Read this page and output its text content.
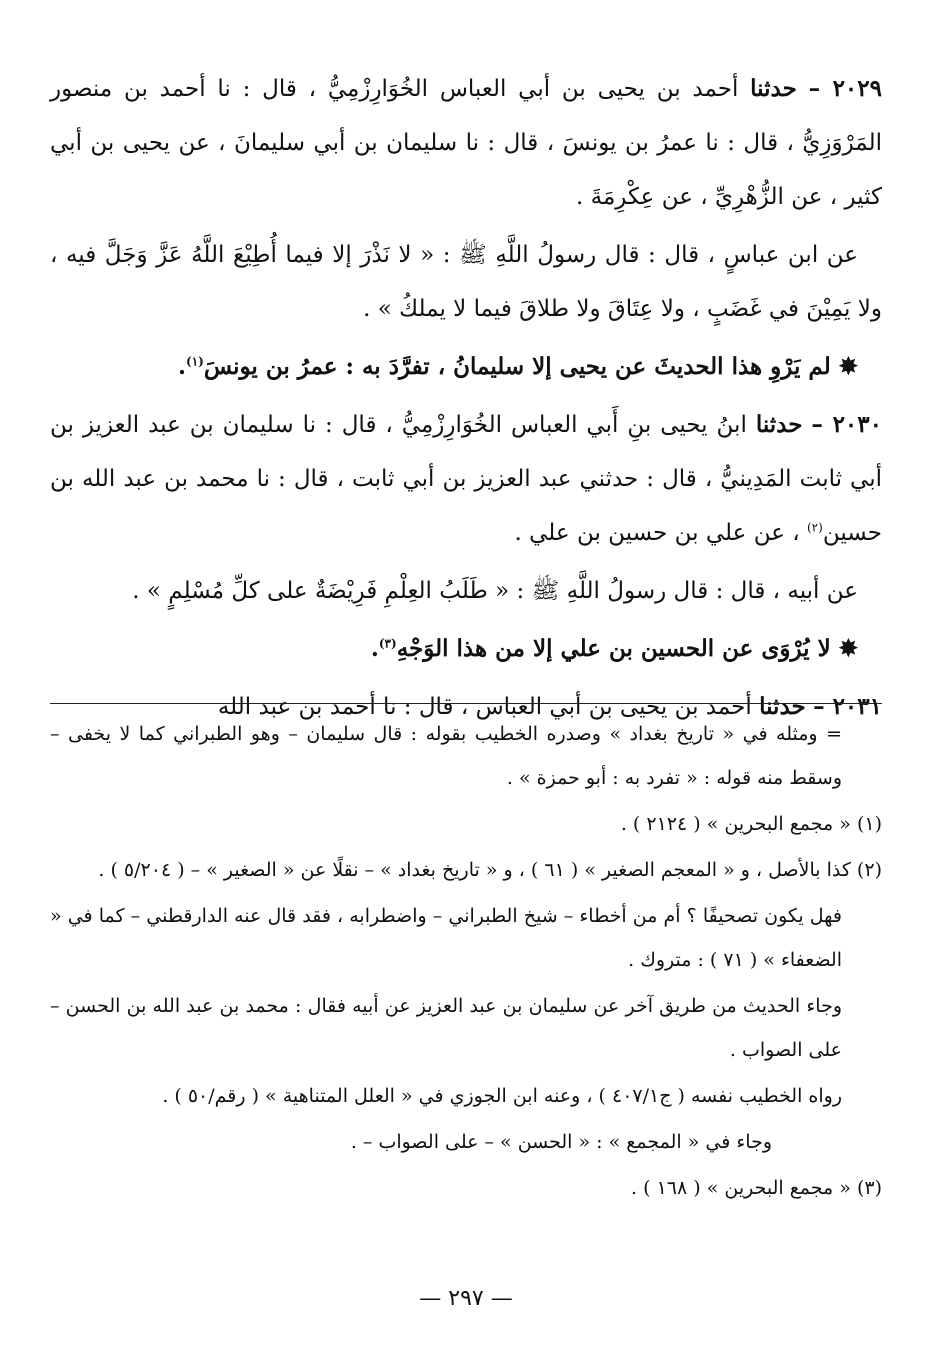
٢٠٢٩ – حدثنا أحمد بن يحيى بن أبي العباس الخُوَارِزْمِيُّ ، قال : نا أحمد بن منصور المَرْوَزِيُّ ، قال : نا عمرُ بن يونسَ ، قال : نا سليمان بن أبي سليمانَ ، عن يحيى بن أبي كثير ، عن الزُّهْرِيِّ ، عن عِكْرِمَةَ .

عن ابن عباسٍ ، قال : قال رسولُ اللَّهِ ﷺ : « لا نَذْرَ إلا فيما أُطِيْعَ اللَّهُ عَزَّ وَجَلَّ فيه ، ولا يَمِيْنَ في غَضَبٍ ، ولا عِتَاقَ ولا طلاقَ فيما لا يملكُ » .

✸ لم يَرْوِ هذا الحديثَ عن يحيى إلا سليمانُ ، تفرَّدَ به : عمرُ بن يونسَ$^{(١)}$.

٢٠٣٠ – حدثنا ابنُ يحيى بنِ أَبي العباس الخُوَارِزْمِيُّ ، قال : نا سليمان بن عبد العزيز بن أبي ثابت المَدِينيُّ ، قال : حدثني عبد العزيز بن أبي ثابت ، قال : نا محمد بن عبد الله بن حسين$^{(٢)}$ ، عن علي بن حسين بن علي .

عن أبيه ، قال : قال رسولُ اللَّهِ ﷺ : « طَلَبُ العِلْمِ فَرِيْضَةٌ على كلِّ مُسْلِمٍ » .

✸ لا يُرْوَى عن الحسين بن علي إلا من هذا الوَجْهِ$^{(٣)}$.

٢٠٣١ – حدثنا أحمد بن يحيى بن أبي العباس ، قال : نا أحمد بن عبد الله

= ومثله في « تاريخ بغداد » وصدره الخطيب بقوله : قال سليمان – وهو الطبراني كما لا يخفى – وسقط منه قوله : « تفرد به : أبو حمزة » .

(١) « مجمع البحرين » ( ٢١٢٤ ) .

(٢) كذا بالأصل ، و « المعجم الصغير » ( ٦١ ) ، و « تاريخ بغداد » – نقلًا عن « الصغير » – ( ٥/٢٠٤ ) .

فهل يكون تصحيفًا ؟ أم من أخطاء – شيخ الطبراني – واضطرابه ، فقد قال عنه الدارقطني – كما في « الضعفاء » ( ٧١ ) : متروك .

وجاء الحديث من طريق آخر عن سليمان بن عبد العزيز عن أبيه فقال : محمد بن عبد الله بن الحسن – على الصواب .

رواه الخطيب نفسه ( ج٤٠٧/١ ) ، وعنه ابن الجوزي في « العلل المتناهية » ( رقم/٥٠ ) .

وجاء في « المجمع » : « الحسن » – على الصواب – .

(٣) « مجمع البحرين » ( ١٦٨ ) .

— ٢٩٧ —
